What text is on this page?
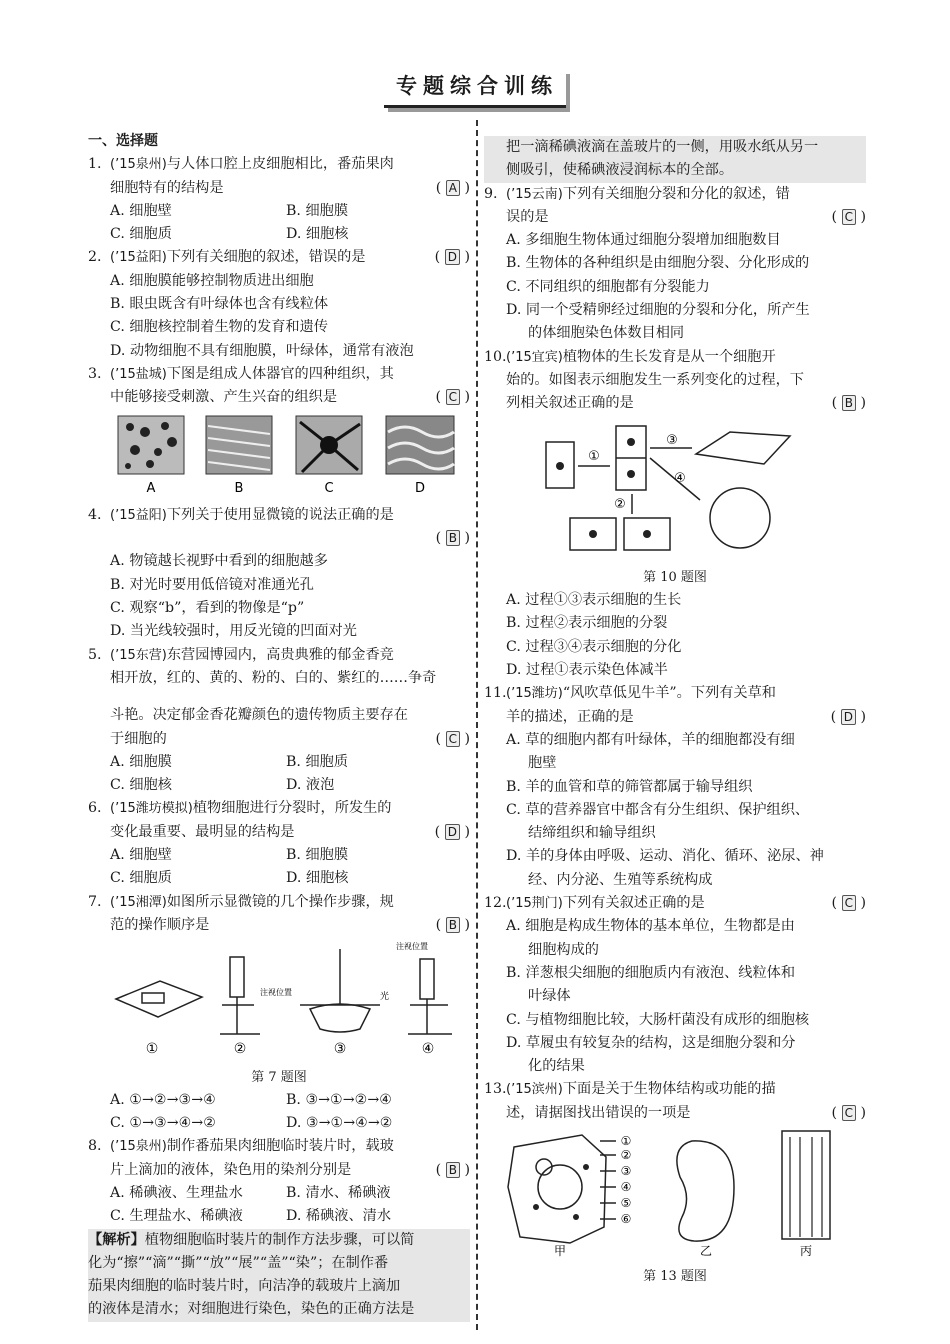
专题综合训练
一、选择题
1. (’15泉州)与人体口腔上皮细胞相比，番茄果肉
细胞特有的结构是	( A )
A. 细胞壁	B. 细胞膜
C. 细胞质	D. 细胞核
2. (’15益阳)下列有关细胞的叙述，错误的是	( D )
A. 细胞膜能够控制物质进出细胞
B. 眼虫既含有叶绿体也含有线粒体
C. 细胞核控制着生物的发育和遗传
D. 动物细胞不具有细胞膜，叶绿体，通常有液泡
3. (’15盐城)下图是组成人体器官的四种组织，其
中能够接受刺激、产生兴奋的组织是	( C )
A	B	C	D
4. (’15益阳)下列关于使用显微镜的说法正确的是
( B )

A. 物镜越长视野中看到的细胞越多
B. 对光时要用低倍镜对准通光孔
C. 观察“b”，看到的物像是“p”
D. 当光线较强时，用反光镜的凹面对光
5. (’15东营)东营园博园内，高贵典雅的郁金香竞
相开放，红的、黄的、粉的、白的、紫红的……争奇
斗艳。决定郁金香花瓣颜色的遗传物质主要存在
于细胞的	( C )
A. 细胞膜	B. 细胞质
C. 细胞核	D. 液泡
6. (’15潍坊模拟)植物细胞进行分裂时，所发生的
变化最重要、最明显的结构是	( D )
A. 细胞壁	B. 细胞膜
C. 细胞质	D. 细胞核
7. (’15湘潭)如图所示显微镜的几个操作步骤，规
范的操作顺序是	( B )
注视位置
注视位置
光
①	②	③	④
第 7 题图
A. ①→②→③→④	B. ③→①→②→④
C. ①→③→④→②	D. ③→①→④→②
8. (’15泉州)制作番茄果肉细胞临时装片时，载玻
片上滴加的液体，染色用的染剂分别是	( B )
A. 稀碘液、生理盐水	B. 清水、稀碘液
C. 生理盐水、稀碘液	D. 稀碘液、清水
【解析】植物细胞临时装片的制作方法步骤，可以简
化为“擦”“滴”“撕”“放”“展”“盖”“染”；在制作番
茄果肉细胞的临时装片时，向洁净的载玻片上滴加
的液体是清水；对细胞进行染色，染色的正确方法是
把一滴稀碘液滴在盖玻片的一侧，用吸水纸从另一
侧吸引，使稀碘液浸润标本的全部。
9. (’15云南)下列有关细胞分裂和分化的叙述，错
误的是	( C )
A. 多细胞生物体通过细胞分裂增加细胞数目
B. 生物体的各种组织是由细胞分裂、分化形成的
C. 不同组织的细胞都有分裂能力
D. 同一个受精卵经过细胞的分裂和分化，所产生
的体细胞染色体数目相同
10.(’15宜宾)植物体的生长发育是从一个细胞开
始的。如图表示细胞发生一系列变化的过程，下
列相关叙述正确的是	( B )
①
②
③
④
第 10 题图
A. 过程①③表示细胞的生长
B. 过程②表示细胞的分裂
C. 过程③④表示细胞的分化
D. 过程①表示染色体减半
11.(’15潍坊)“风吹草低见牛羊”。下列有关草和
羊的描述，正确的是	( D )
A. 草的细胞内都有叶绿体，羊的细胞都没有细
胞壁
B. 羊的血管和草的筛管都属于输导组织
C. 草的营养器官中都含有分生组织、保护组织、
结缔组织和输导组织
D. 羊的身体由呼吸、运动、消化、循环、泌尿、神
经、内分泌、生殖等系统构成
12.(’15荆门)下列有关叙述正确的是	( C )
A. 细胞是构成生物体的基本单位，生物都是由
细胞构成的
B. 洋葱根尖细胞的细胞质内有液泡、线粒体和
叶绿体
C. 与植物细胞比较，大肠杆菌没有成形的细胞核
D. 草履虫有较复杂的结构，这是细胞分裂和分
化的结果
13.(’15滨州)下面是关于生物体结构或功能的描
述，请据图找出错误的一项是	( C )
①
②
③
④
⑤
⑥
甲	乙	丙
第 13 题图
